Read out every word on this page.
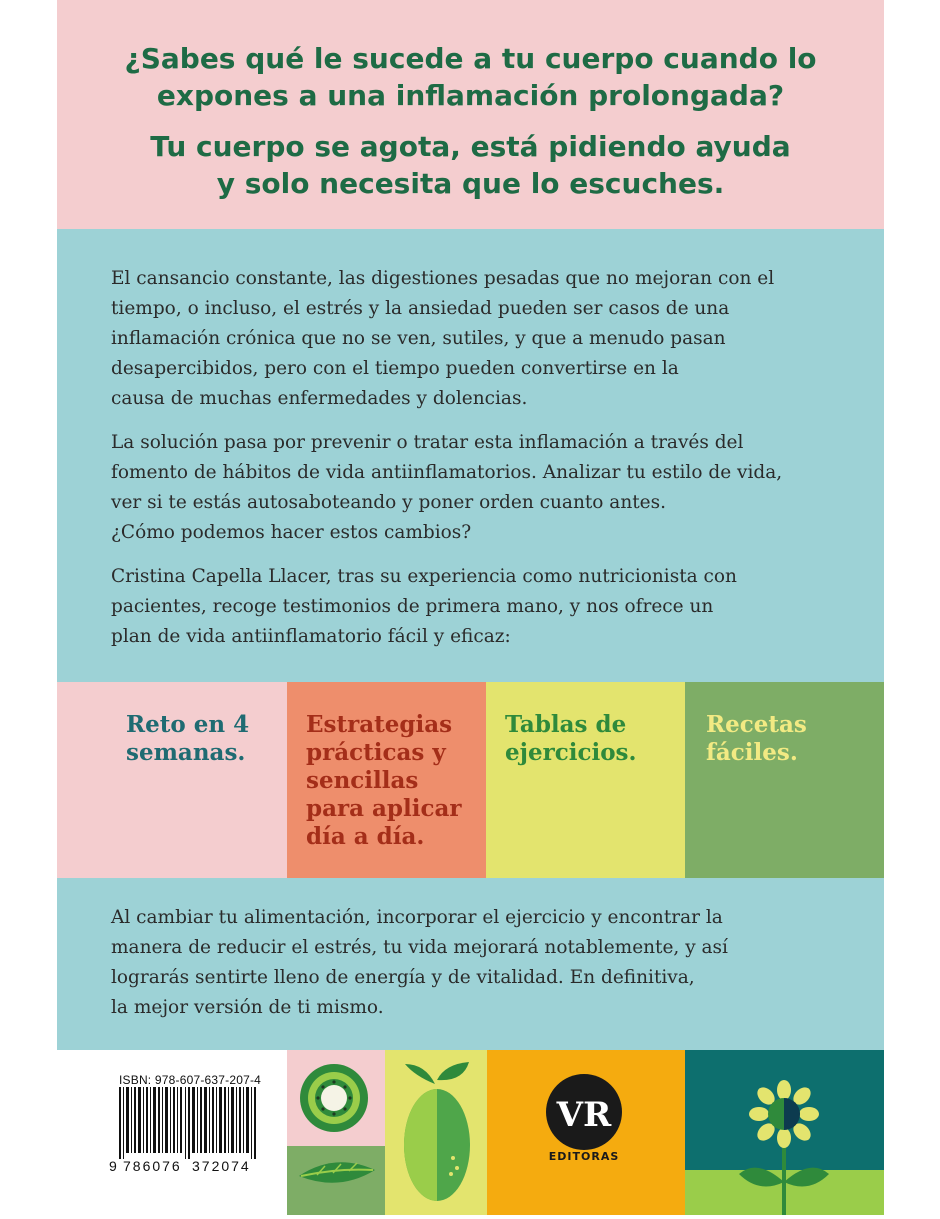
¿Sabes qué le sucede a tu cuerpo cuando lo
expones a una inflamación prolongada?
Tu cuerpo se agota, está pidiendo ayuda
y solo necesita que lo escuches.
El cansancio constante, las digestiones pesadas que no mejoran con el
tiempo, o incluso, el estrés y la ansiedad pueden ser casos de una
inflamación crónica que no se ven, sutiles, y que a menudo pasan
desapercibidos, pero con el tiempo pueden convertirse en la
causa de muchas enfermedades y dolencias.
La solución pasa por prevenir o tratar esta inflamación a través del
fomento de hábitos de vida antiinflamatorios. Analizar tu estilo de vida,
ver si te estás autosaboteando y poner orden cuanto antes.
¿Cómo podemos hacer estos cambios?
Cristina Capella Llacer, tras su experiencia como nutricionista con
pacientes, recoge testimonios de primera mano, y nos ofrece un
plan de vida antiinflamatorio fácil y eficaz:
Reto en 4
semanas.
Estrategias
prácticas y
sencillas
para aplicar
día a día.
Tablas de
ejercicios.
Recetas
fáciles.
Al cambiar tu alimentación, incorporar el ejercicio y encontrar la
manera de reducir el estrés, tu vida mejorará notablemente, y así
lograrás sentirte lleno de energía y de vitalidad. En definitiva,
la mejor versión de ti mismo.
ISBN: 978-607-637-207-4
9 786076 372074
VR
EDITORAS
